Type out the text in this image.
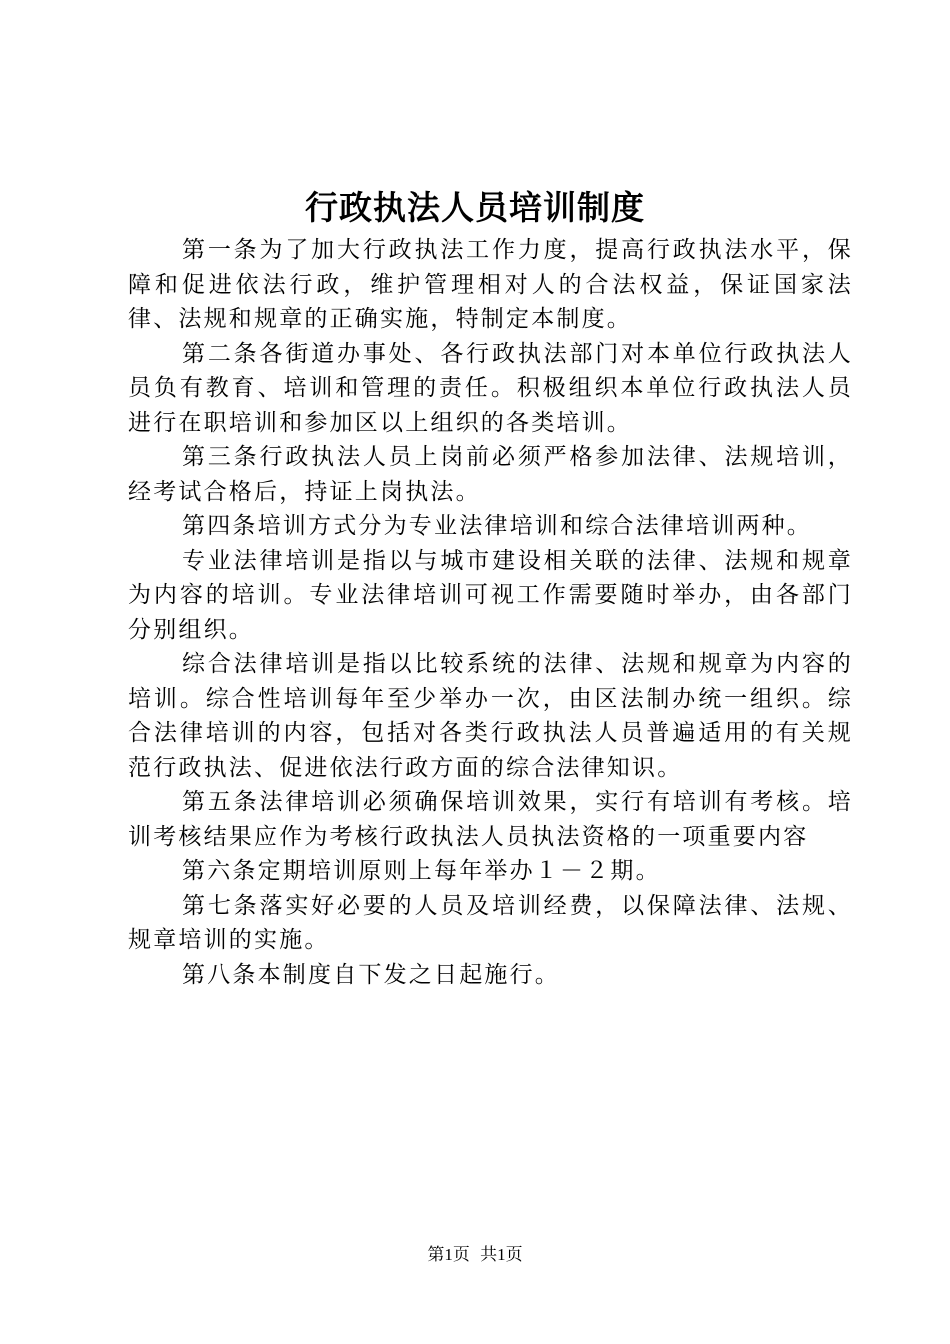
行政执法人员培训制度

第一条为了加大行政执法工作力度，提高行政执法水平，保障和促进依法行政，维护管理相对人的合法权益，保证国家法律、法规和规章的正确实施，特制定本制度。

第二条各街道办事处、各行政执法部门对本单位行政执法人员负有教育、培训和管理的责任。积极组织本单位行政执法人员进行在职培训和参加区以上组织的各类培训。

第三条行政执法人员上岗前必须严格参加法律、法规培训，经考试合格后，持证上岗执法。

第四条培训方式分为专业法律培训和综合法律培训两种。

专业法律培训是指以与城市建设相关联的法律、法规和规章为内容的培训。专业法律培训可视工作需要随时举办，由各部门分别组织。

综合法律培训是指以比较系统的法律、法规和规章为内容的培训。综合性培训每年至少举办一次，由区法制办统一组织。综合法律培训的内容，包括对各类行政执法人员普遍适用的有关规范行政执法、促进依法行政方面的综合法律知识。

第五条法律培训必须确保培训效果，实行有培训有考核。培训考核结果应作为考核行政执法人员执法资格的一项重要内容

第六条定期培训原则上每年举办１－２期。

第七条落实好必要的人员及培训经费，以保障法律、法规、规章培训的实施。

第八条本制度自下发之日起施行。

第1页 共1页
